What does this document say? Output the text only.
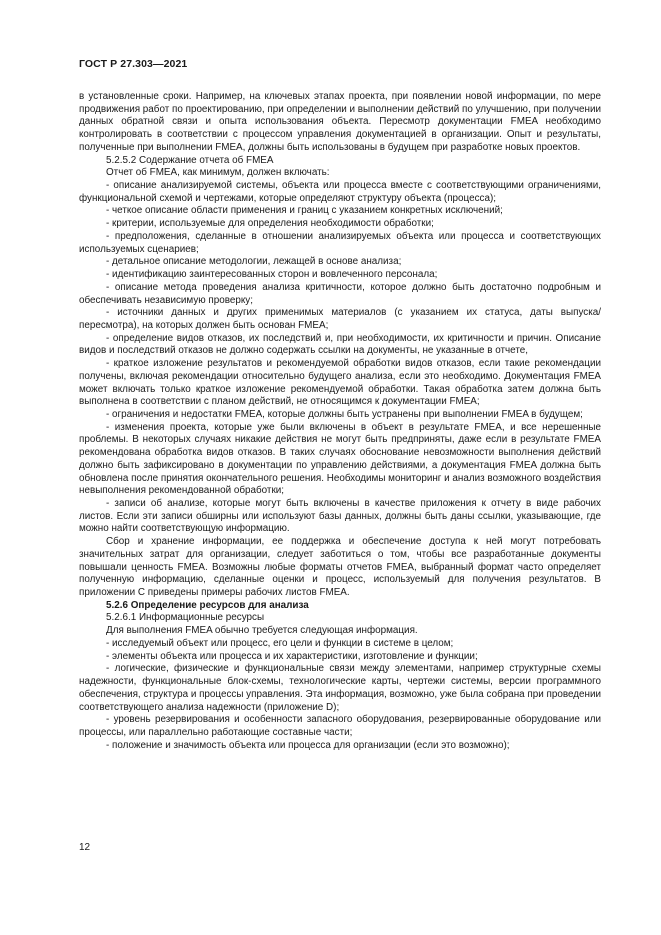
ГОСТ Р 27.303—2021

в установленные сроки. Например, на ключевых этапах проекта, при появлении новой информации, по мере продвижения работ по проектированию, при определении и выполнении действий по улучшению, при получении данных обратной связи и опыта использования объекта. Пересмотр документации FMEA необходимо контролировать в соответствии с процессом управления документацией в организации. Опыт и результаты, полученные при выполнении FMEA, должны быть использованы в будущем при разработке новых проектов.

5.2.5.2 Содержание отчета об FMEA

Отчет об FMEA, как минимум, должен включать:

- описание анализируемой системы, объекта или процесса вместе с соответствующими ограничениями, функциональной схемой и чертежами, которые определяют структуру объекта (процесса);

- четкое описание области применения и границ с указанием конкретных исключений;

- критерии, используемые для определения необходимости обработки;

- предположения, сделанные в отношении анализируемых объекта или процесса и соответствующих используемых сценариев;

- детальное описание методологии, лежащей в основе анализа;

- идентификацию заинтересованных сторон и вовлеченного персонала;

- описание метода проведения анализа критичности, которое должно быть достаточно подробным и обеспечивать независимую проверку;

- источники данных и других применимых материалов (с указанием их статуса, даты выпуска/ пересмотра), на которых должен быть основан FMEA;

- определение видов отказов, их последствий и, при необходимости, их критичности и причин. Описание видов и последствий отказов не должно содержать ссылки на документы, не указанные в отчете,

- краткое изложение результатов и рекомендуемой обработки видов отказов, если такие рекомендации получены, включая рекомендации относительно будущего анализа, если это необходимо. Документация FMEA может включать только краткое изложение рекомендуемой обработки. Такая обработка затем должна быть выполнена в соответствии с планом действий, не относящимся к документации FMEA;

- ограничения и недостатки FMEA, которые должны быть устранены при выполнении FMEA в будущем;

- изменения проекта, которые уже были включены в объект в результате FMEA, и все нерешенные проблемы. В некоторых случаях никакие действия не могут быть предприняты, даже если в результате FMEA рекомендована обработка видов отказов. В таких случаях обоснование невозможности выполнения действий должно быть зафиксировано в документации по управлению действиями, а документация FMEA должна быть обновлена после принятия окончательного решения. Необходимы мониторинг и анализ возможного воздействия невыполнения рекомендованной обработки;

- записи об анализе, которые могут быть включены в качестве приложения к отчету в виде рабочих листов. Если эти записи обширны или используют базы данных, должны быть даны ссылки, указывающие, где можно найти соответствующую информацию.

Сбор и хранение информации, ее поддержка и обеспечение доступа к ней могут потребовать значительных затрат для организации, следует заботиться о том, чтобы все разработанные документы повышали ценность FMEA. Возможны любые форматы отчетов FMEA, выбранный формат часто определяет полученную информацию, сделанные оценки и процесс, используемый для получения результатов. В приложении С приведены примеры рабочих листов FMEA.

5.2.6 Определение ресурсов для анализа

5.2.6.1 Информационные ресурсы

Для выполнения FMEA обычно требуется следующая информация.

- исследуемый объект или процесс, его цели и функции в системе в целом;

- элементы объекта или процесса и их характеристики, изготовление и функции;

- логические, физические и функциональные связи между элементами, например структурные схемы надежности, функциональные блок-схемы, технологические карты, чертежи системы, версии программного обеспечения, структура и процессы управления. Эта информация, возможно, уже была собрана при проведении соответствующего анализа надежности (приложение D);

- уровень резервирования и особенности запасного оборудования, резервированные оборудование или процессы, или параллельно работающие составные части;

- положение и значимость объекта или процесса для организации (если это возможно);

12
